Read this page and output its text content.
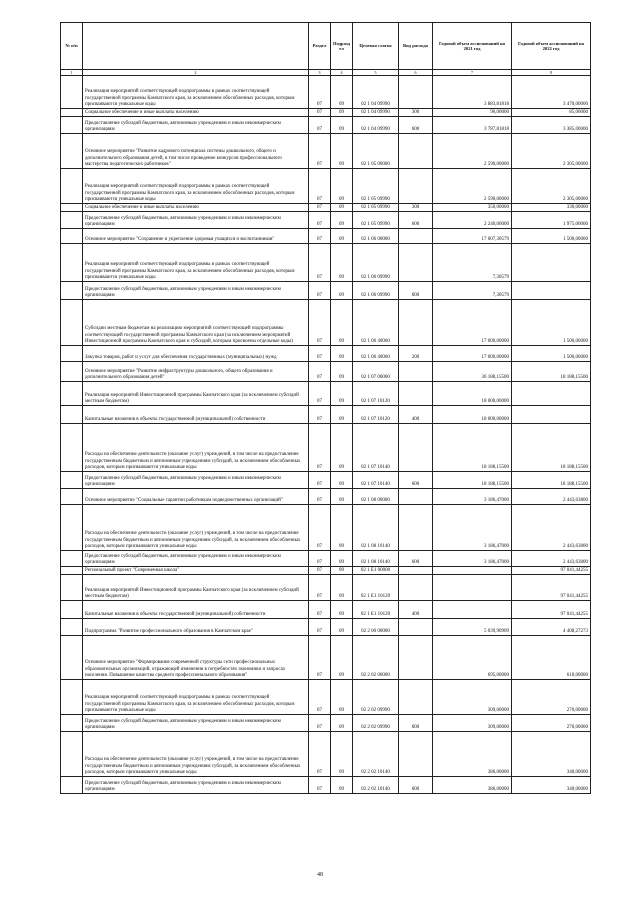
№ п/п		Раздел	Подраздел	Целевая статья	Вид расхода	Годовой объем ассигнований на 2021 год	Годовой объем ассигнований на 2022 год
1	2	3	4	5	6	7	8
	Реализация мероприятий соответствующей подпрограммы в рамках соответствующей государственной программы Камчатского края, за исключением обособленных расходов, которым присваиваются уникальные коды	07	09	02 1 04 09990		3 883,81818	3 470,00000
	Социальное обеспечение и иные выплаты населению	07	09	02 1 04 09990	300	96,00000	85,00000
	Предоставление субсидий бюджетным, автономным учреждениям и иным некоммерческим организациям	07	09	02 1 04 09990	600	3 787,81818	3 385,00000
	Основное мероприятие "Развитие кадрового потенциала системы дошкольного, общего и дополнительного образования детей, в том числе проведение конкурсов профессионального мастерства педагогических работников"	07	09	02 1 05 00000		2 590,00000	2 305,00000
	Реализация мероприятий соответствующей подпрограммы в рамках соответствующей государственной программы Камчатского края, за исключением обособленных расходов, которым присваиваются уникальные коды	07	09	02 1 05 09990		2 590,00000	2 305,00000
	Социальное обеспечение и иные выплаты населению	07	09	02 1 05 09990	300	350,00000	330,00000
	Предоставление субсидий бюджетным, автономным учреждениям и иным некоммерческим организациям	07	09	02 1 05 09990	600	2 240,00000	1 975,00000
	Основное мероприятие "Сохранение и укрепление здоровья учащихся и воспитанников"	07	09	02 1 06 00000		17 007,30579	1 500,00000
	Реализация мероприятий соответствующей подпрограммы в рамках соответствующей государственной программы Камчатского края, за исключением обособленных расходов, которым присваиваются уникальные коды	07	09	02 1 06 09990		7,30579	
	Предоставление субсидий бюджетным, автономным учреждениям и иным некоммерческим организациям	07	09	02 1 06 09990	600	7,30579	
	Субсидии местным бюджетам на реализацию мероприятий соответствующей подпрограммы соответствующей государственной программы Камчатского края (за исключением мероприятий Инвестиционной программы Камчатского края и субсидий, которым присвоены отдельные коды)	07	09	02 1 06 40060		17 000,00000	1 500,00000
	Закупка товаров, работ и услуг для обеспечения государственных (муниципальных) нужд	07	09	02 1 06 40060	200	17 000,00000	1 500,00000
	Основное мероприятие "Развитие инфраструктуры дошкольного, общего образования и дополнительного образования детей"	07	09	02 1 07 00000		36 188,15500	18 188,15500
	Реализация мероприятий Инвестиционной программы Камчатского края (за исключением субсидий местным бюджетам)	07	09	02 1 07 10120		18 000,00000	
	Капитальные вложения в объекты государственной (муниципальной) собственности	07	09	02 1 07 10120	400	18 000,00000	
	Расходы на обеспечение деятельности (оказание услуг) учреждений, в том числе на предоставление государственным бюджетным и автономным учреждениям субсидий, за исключением обособленных расходов, которым присваиваются уникальные коды	07	09	02 1 07 10140		18 188,15500	18 188,15500
	Предоставление субсидий бюджетным, автономным учреждениям и иным некоммерческим организациям	07	09	02 1 07 10140	600	18 188,15500	18 188,15500
	Основное мероприятие "Социальные гарантии работникам подведомственных организаций"	07	09	02 1 08 00000		3 186,47000	2 443,63800
	Расходы на обеспечение деятельности (оказание услуг) учреждений, в том числе на предоставление государственным бюджетным и автономным учреждениям субсидий, за исключением обособленных расходов, которым присваиваются уникальные коды	07	09	02 1 08 10140		3 186,47000	2 443,63800
	Предоставление субсидий бюджетным, автономным учреждениям и иным некоммерческим организациям	07	09	02 1 08 10140	600	3 186,47000	2 443,63800
	Региональный проект "Современная школа"	07	09	02 1 E1 00000			97 041,44255
	Реализация мероприятий Инвестиционной программы Камчатского края (за исключением субсидий местным бюджетам)	07	09	02 1 E1 10120			97 041,44255
	Капитальные вложения в объекты государственной (муниципальной) собственности	07	09	02 1 E1 10120	400		97 041,44255
	Подпрограмма "Развитие профессионального образования в Камчатском крае"	07	09	02 2 00 00000		5 039,90909	4 408,27273
	Основное мероприятие "Формирование современной структуры сети профессиональных образовательных организаций, отражающей изменения в потребностях экономики и запросах населения. Повышение качества среднего профессионального образования"	07	09	02 2 02 00000		695,00000	610,00000
	Реализация мероприятий соответствующей подпрограммы в рамках соответствующей государственной программы Камчатского края, за исключением обособленных расходов, которым присваиваются уникальные коды	07	09	02 2 02 09990		309,00000	270,00000
	Предоставление субсидий бюджетным, автономным учреждениям и иным некоммерческим организациям	07	09	02 2 02 09990	600	309,00000	270,00000
	Расходы на обеспечение деятельности (оказание услуг) учреждений, в том числе на предоставление государственным бюджетным и автономным учреждениям субсидий, за исключением обособленных расходов, которым присваиваются уникальные коды	07	09	02 2 02 10140		386,00000	340,00000
	Предоставление субсидий бюджетным, автономным учреждениям и иным некоммерческим организациям	07	09	02 2 02 10140	600	386,00000	340,00000
48
